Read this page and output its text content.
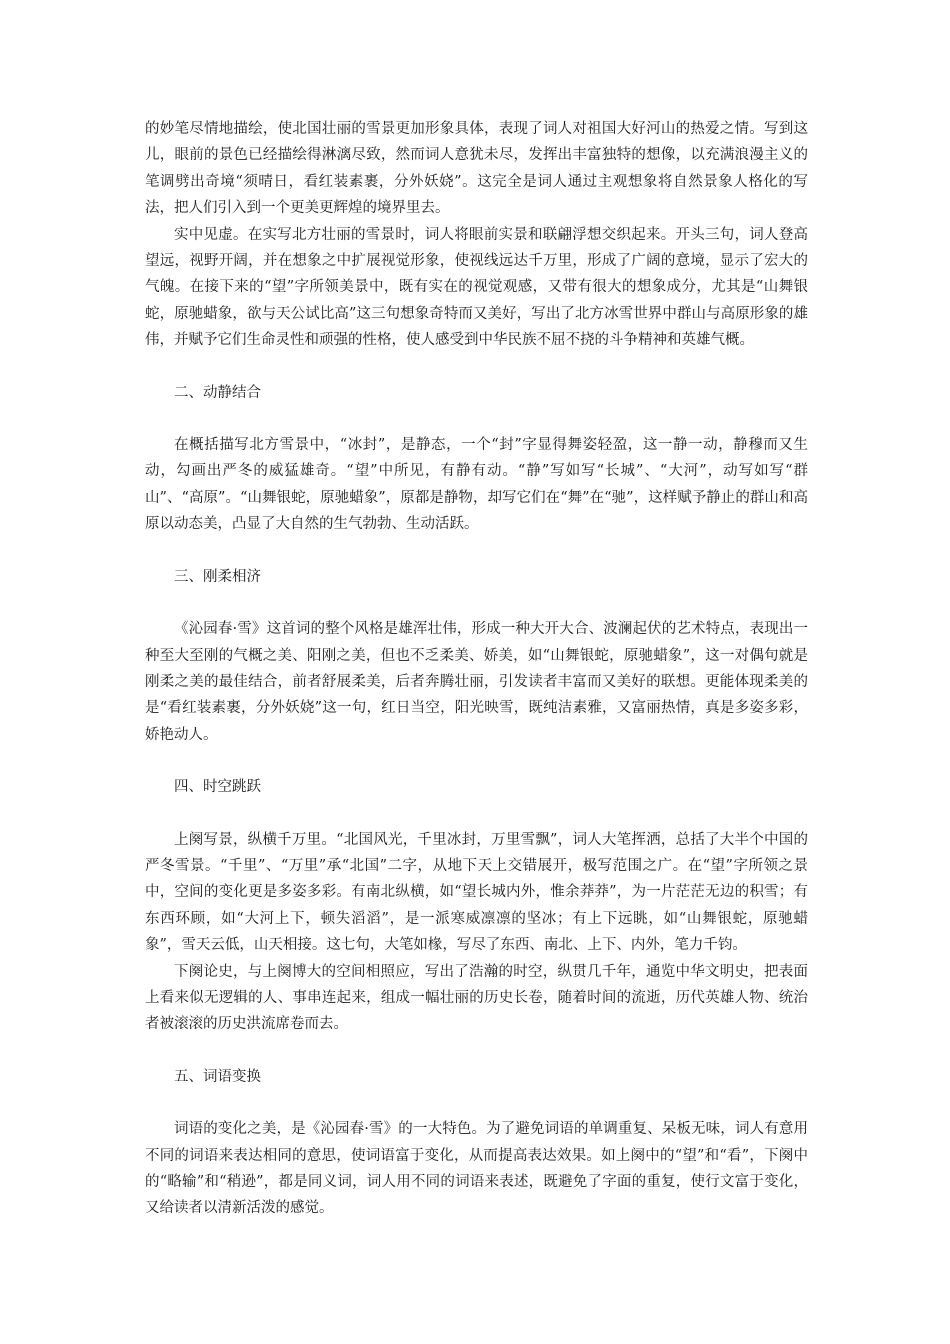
的妙笔尽情地描绘，使北国壮丽的雪景更加形象具体，表现了词人对祖国大好河山的热爱之情。写到这儿，眼前的景色已经描绘得淋漓尽致，然而词人意犹未尽，发挥出丰富独特的想像，以充满浪漫主义的笔调劈出奇境“须晴日，看红装素裹，分外妖娆”。这完全是词人通过主观想象将自然景象人格化的写法，把人们引入到一个更美更辉煌的境界里去。

实中见虚。在实写北方壮丽的雪景时，词人将眼前实景和联翩浮想交织起来。开头三句，词人登高望远，视野开阔，并在想象之中扩展视觉形象，使视线远达千万里，形成了广阔的意境，显示了宏大的气魄。在接下来的“望”字所领美景中，既有实在的视觉观感，又带有很大的想象成分，尤其是“山舞银蛇，原驰蜡象，欲与天公试比高”这三句想象奇特而又美好，写出了北方冰雪世界中群山与高原形象的雄伟，并赋予它们生命灵性和顽强的性格，使人感受到中华民族不屈不挠的斗争精神和英雄气概。

二、动静结合

在概括描写北方雪景中，“冰封”，是静态，一个“封”字显得舞姿轻盈，这一静一动，静穆而又生动，勾画出严冬的威猛雄奇。“望”中所见，有静有动。“静”写如写“长城”、“大河”，动写如写“群山”、“高原”。“山舞银蛇，原驰蜡象”，原都是静物，却写它们在“舞”在“驰”，这样赋予静止的群山和高原以动态美，凸显了大自然的生气勃勃、生动活跃。

三、刚柔相济

《沁园春·雪》这首词的整个风格是雄浑壮伟，形成一种大开大合、波澜起伏的艺术特点，表现出一种至大至刚的气概之美、阳刚之美，但也不乏柔美、娇美，如“山舞银蛇，原驰蜡象”，这一对偶句就是刚柔之美的最佳结合，前者舒展柔美，后者奔腾壮丽，引发读者丰富而又美好的联想。更能体现柔美的是“看红装素裹，分外妖娆”这一句，红日当空，阳光映雪，既纯洁素雅，又富丽热情，真是多姿多彩，娇艳动人。

四、时空跳跃

上阕写景，纵横千万里。“北国风光，千里冰封，万里雪飘”，词人大笔挥洒，总括了大半个中国的严冬雪景。“千里”、“万里”承“北国”二字，从地下天上交错展开，极写范围之广。在“望”字所领之景中，空间的变化更是多姿多彩。有南北纵横，如“望长城内外，惟余莽莽”，为一片茫茫无边的积雪；有东西环顾，如“大河上下，顿失滔滔”，是一派寒威凛凛的坚冰；有上下远眺，如“山舞银蛇，原驰蜡象”，雪天云低，山天相接。这七句，大笔如椽，写尽了东西、南北、上下、内外，笔力千钧。

下阕论史，与上阕博大的空间相照应，写出了浩瀚的时空，纵贯几千年，通览中华文明史，把表面上看来似无逻辑的人、事串连起来，组成一幅壮丽的历史长卷，随着时间的流逝，历代英雄人物、统治者被滚滚的历史洪流席卷而去。

五、词语变换

词语的变化之美，是《沁园春·雪》的一大特色。为了避免词语的单调重复、呆板无味，词人有意用不同的词语来表达相同的意思，使词语富于变化，从而提高表达效果。如上阕中的“望”和“看”，下阕中的“略输”和“稍逊”，都是同义词，词人用不同的词语来表述，既避免了字面的重复，使行文富于变化，又给读者以清新活泼的感觉。
